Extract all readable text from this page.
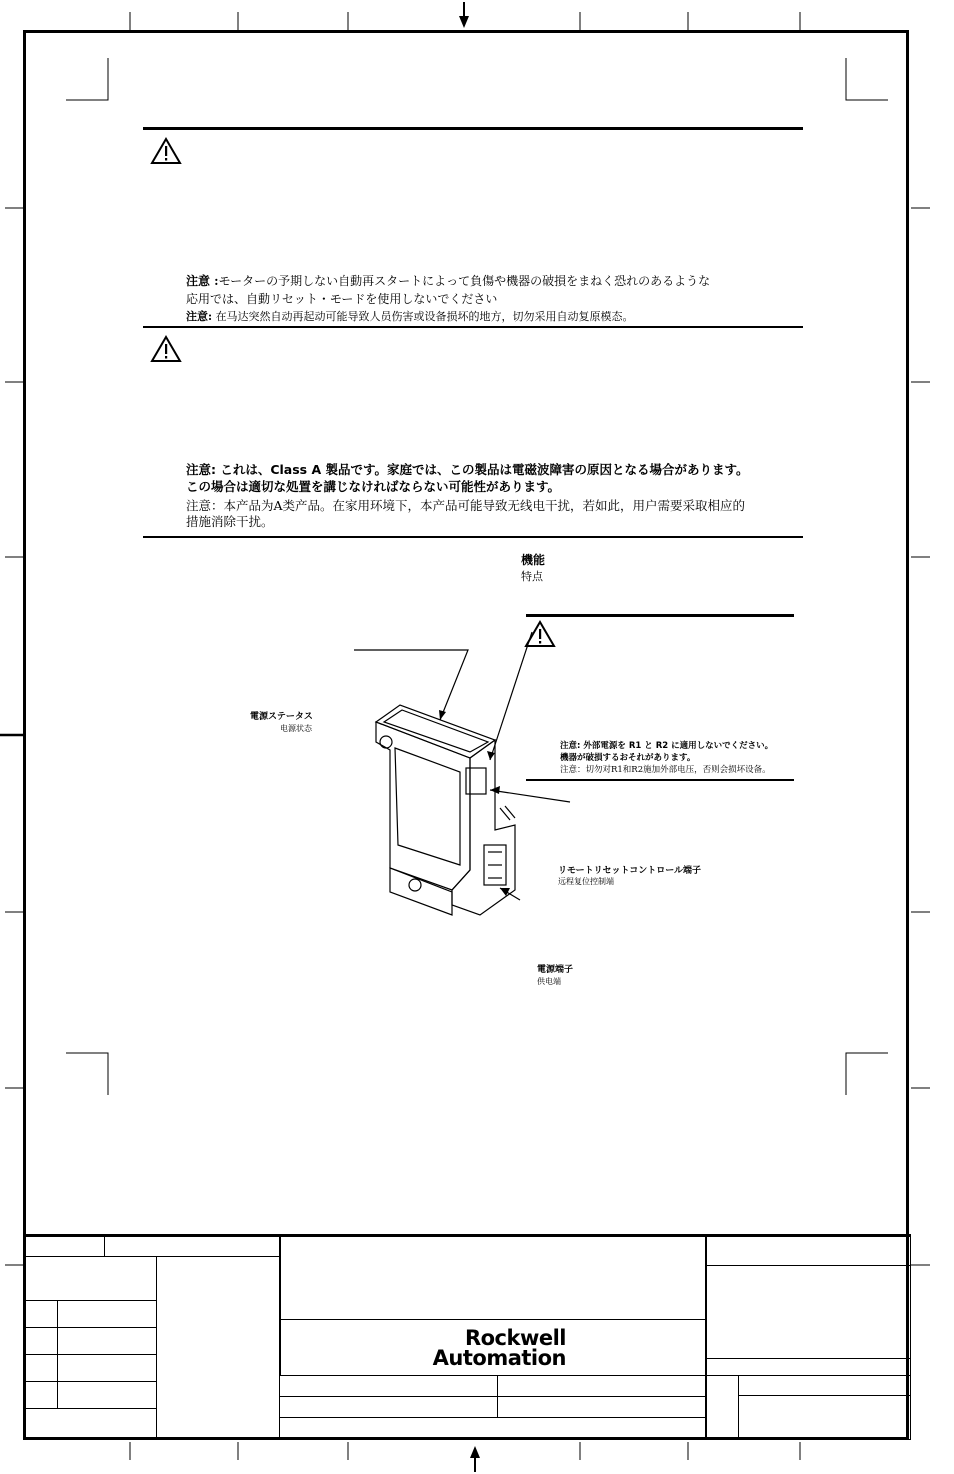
注意 :モーターの予期しない自動再スタートによって負傷や機器の破損をまねく恐れのあるような
応用では、自動リセット・モードを使用しないでください
注意: 在马达突然自动再起动可能导致人员伤害或设备损坏的地方，切勿采用自动复原模态。
注意: これは、Class A 製品です。家庭では、この製品は電磁波障害の原因となる場合があります。
この場合は適切な処置を講じなければならない可能性があります。
注意：本产品为A类产品。在家用环境下，本产品可能导致无线电干扰，若如此，用户需要采取相应的
措施消除干扰。
機能
特点
注意: 外部電源を R1 と R2 に適用しないでください。
機器が破損するおそれがあります。
注意：切勿对R1和R2施加外部电压，否则会损坏设备。
電源ステータス
电源状态
リモートリセットコントロール端子
远程复位控制端
電源端子
供电端
Rockwell
Automation
